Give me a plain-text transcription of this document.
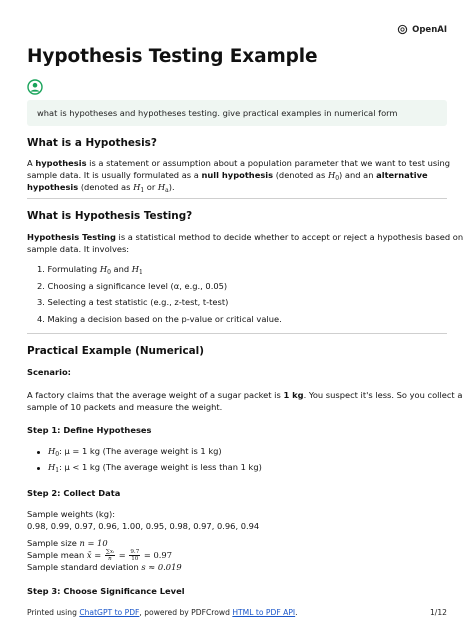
OpenAI
Hypothesis Testing Example
what is hypotheses and hypotheses testing. give practical examples in numerical form
What is a Hypothesis?
A hypothesis is a statement or assumption about a population parameter that we want to test using
sample data. It is usually formulated as a null hypothesis (denoted as $H_0$) and an alternative
hypothesis (denoted as $H_1$ or $H_a$).
What is Hypothesis Testing?
Hypothesis Testing is a statistical method to decide whether to accept or reject a hypothesis based on
sample data. It involves:
1. Formulating $H_0$ and $H_1$
2. Choosing a significance level (α, e.g., 0.05)
3. Selecting a test statistic (e.g., z-test, t-test)
4. Making a decision based on the p-value or critical value.
Practical Example (Numerical)
Scenario:
A factory claims that the average weight of a sugar packet is 1 kg. You suspect it's less. So you collect a
sample of 10 packets and measure the weight.
Step 1: Define Hypotheses
$H_0$: μ = 1 kg (The average weight is 1 kg)
$H_1$: μ < 1 kg (The average weight is less than 1 kg)
Step 2: Collect Data
Sample weights (kg):
0.98, 0.99, 0.97, 0.96, 1.00, 0.95, 0.98, 0.97, 0.96, 0.94
Sample size n = 10
Sample mean x̄ = $\frac{\text{∑xᵢ}}{n} = \frac{9.7}{10} = 0.97$
Sample standard deviation s ≈ 0.019
Step 3: Choose Significance Level
Printed using ChatGPT to PDF, powered by PDFCrowd HTML to PDF API.	1/12
